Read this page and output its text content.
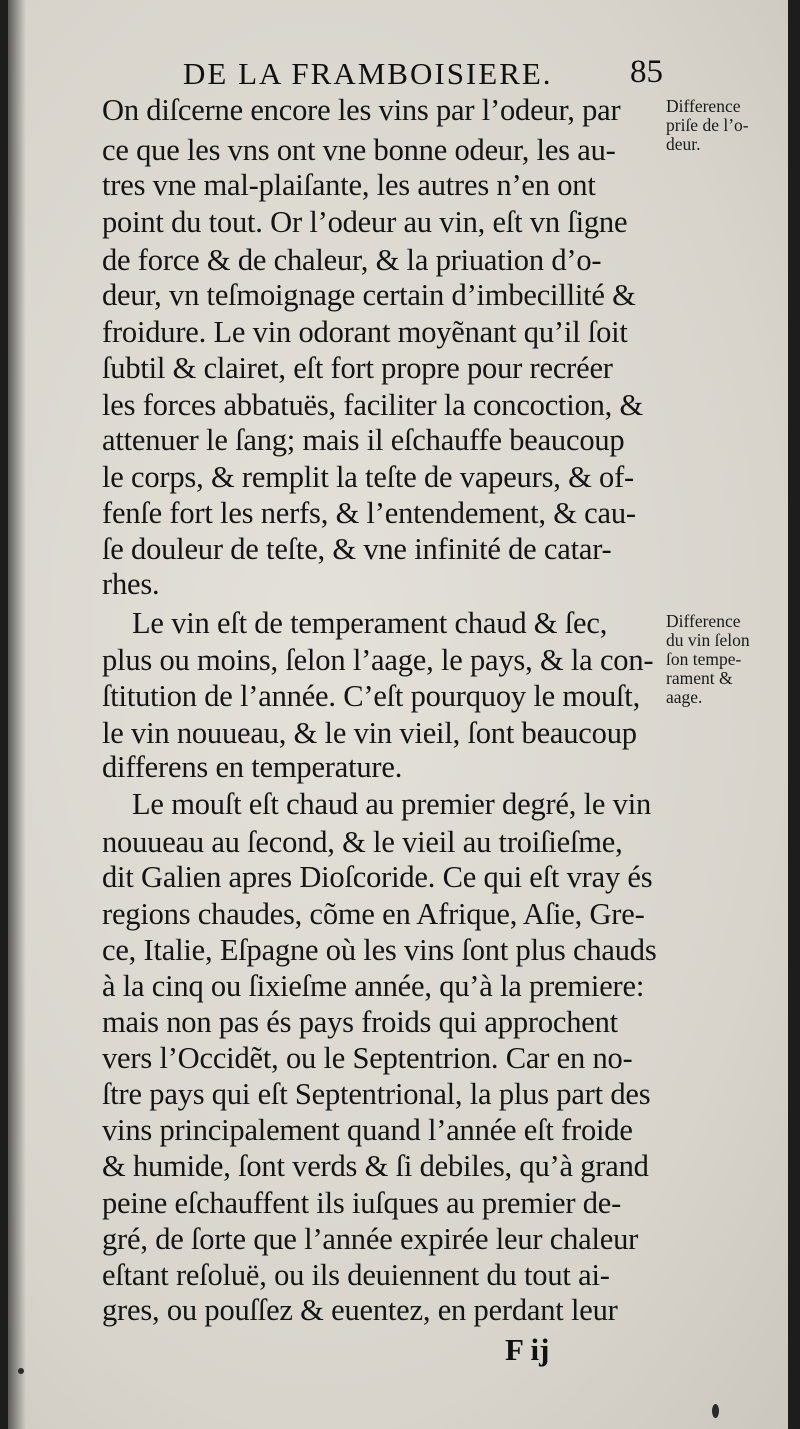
DE LA FRAMBOISIERE. 85
On diſcerne encore les vins par l’odeur, par
ce que les vns ont vne bonne odeur, les au-
tres vne mal-plaiſante, les autres n’en ont
point du tout. Or l’odeur au vin, eſt vn ſigne
de force & de chaleur, & la priuation d’o-
deur, vn teſmoignage certain d’imbecillité &
froidure. Le vin odorant moyẽnant qu’il ſoit
ſubtil & clairet, eſt fort propre pour recréer
les forces abbatuës, faciliter la concoction, &
attenuer le ſang; mais il eſchauffe beaucoup
le corps, & remplit la teſte de vapeurs, & of-
fenſe fort les nerfs, & l’entendement, & cau-
ſe douleur de teſte, & vne infinité de catar-
rhes.
Le vin eſt de temperament chaud & ſec,
plus ou moins, ſelon l’aage, le pays, & la con-
ſtitution de l’année. C’eſt pourquoy le mouſt,
le vin nouueau, & le vin vieil, ſont beaucoup
differens en temperature.
Le mouſt eſt chaud au premier degré, le vin
nouueau au ſecond, & le vieil au troiſieſme,
dit Galien apres Dioſcoride. Ce qui eſt vray és
regions chaudes, cõme en Afrique, Aſie, Gre-
ce, Italie, Eſpagne où les vins ſont plus chauds
à la cinq ou ſixieſme année, qu’à la premiere:
mais non pas és pays froids qui approchent
vers l’Occidẽt, ou le Septentrion. Car en no-
ſtre pays qui eſt Septentrional, la plus part des
vins principalement quand l’année eſt froide
& humide, ſont verds & ſi debiles, qu’à grand
peine eſchauffent ils iuſques au premier de-
gré, de ſorte que l’année expirée leur chaleur
eſtant reſoluë, ou ils deuiennent du tout ai-
gres, ou pouſſez & euentez, en perdant leur
Difference
priſe de l’o-
deur.
Difference
du vin ſelon
ſon tempe-
rament &
aage.
F ij
